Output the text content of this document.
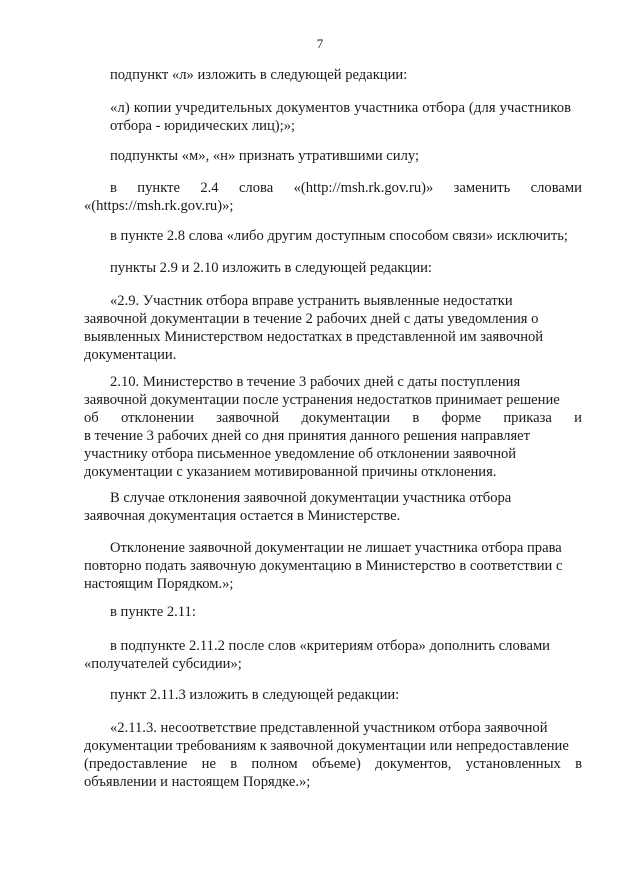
7
подпункт «л» изложить в следующей редакции:
«л) копии учредительных документов участника отбора (для участников
отбора - юридических лиц);»;
подпункты «м», «н» признать утратившими силу;
в пункте 2.4 слова «(http://msh.rk.gov.ru)» заменить словами
«(https://msh.rk.gov.ru)»;
в пункте 2.8 слова «либо другим доступным способом связи» исключить;
пункты 2.9 и 2.10 изложить в следующей редакции:
«2.9. Участник отбора вправе устранить выявленные недостатки
заявочной документации в течение 2 рабочих дней с даты уведомления о
выявленных Министерством недостатках в представленной им заявочной
документации.
2.10. Министерство в течение 3 рабочих дней с даты поступления
заявочной документации после устранения недостатков принимает решение
об отклонении заявочной документации в форме приказа и
в течение 3 рабочих дней со дня принятия данного решения направляет
участнику отбора письменное уведомление об отклонении заявочной
документации с указанием мотивированной причины отклонения.
В случае отклонения заявочной документации участника отбора
заявочная документация остается в Министерстве.
Отклонение заявочной документации не лишает участника отбора права
повторно подать заявочную документацию в Министерство в соответствии с
настоящим Порядком.»;
в пункте 2.11:
в подпункте 2.11.2 после слов «критериям отбора» дополнить словами
«получателей субсидии»;
пункт 2.11.3 изложить в следующей редакции:
«2.11.3. несоответствие представленной участником отбора заявочной
документации требованиям к заявочной документации или непредоставление
(предоставление не в полном объеме) документов, установленных в
объявлении и настоящем Порядке.»;
